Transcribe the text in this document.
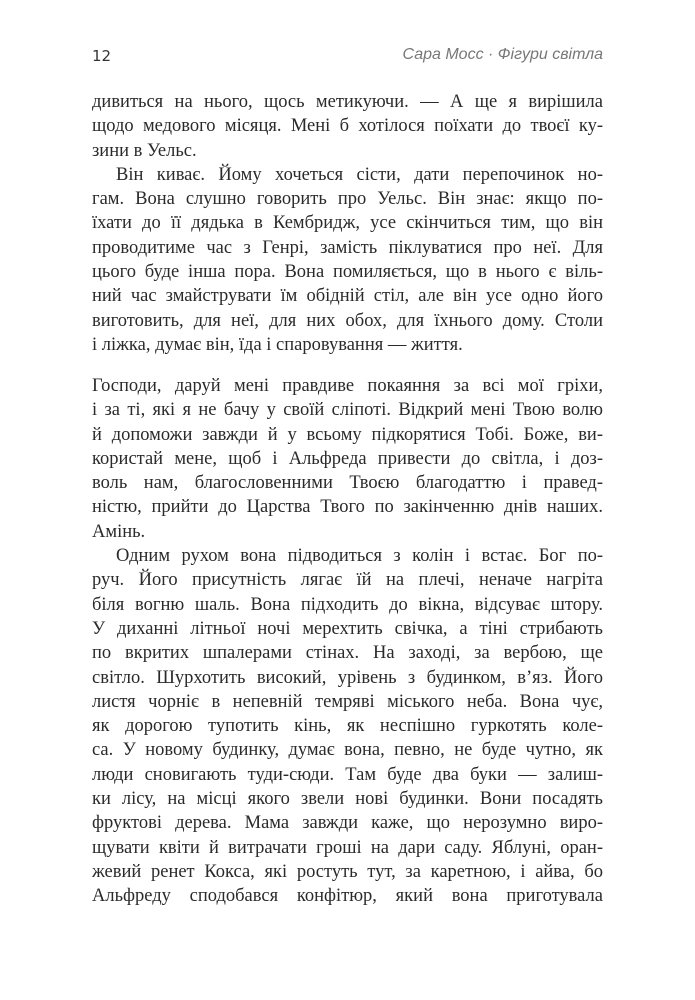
12	Сара Мосс · Фігури світла
дивиться на нього, щось метикуючи. — А ще я вирішила
щодо медового місяця. Мені б хотілося поїхати до твоєї ку-
зини в Уельс.
Він киває. Йому хочеться сісти, дати перепочинок но-
гам. Вона слушно говорить про Уельс. Він знає: якщо по-
їхати до її дядька в Кембридж, усе скінчиться тим, що він
проводитиме час з Генрі, замість піклуватися про неї. Для
цього буде інша пора. Вона помиляється, що в нього є віль-
ний час змайструвати їм обідній стіл, але він усе одно його
виготовить, для неї, для них обох, для їхнього дому. Столи
і ліжка, думає він, їда і спаровування — життя.
Господи, даруй мені правдиве покаяння за всі мої гріхи,
і за ті, які я не бачу у своїй сліпоті. Відкрий мені Твою волю
й допоможи завжди й у всьому підкорятися Тобі. Боже, ви-
користай мене, щоб і Альфреда привести до світла, і доз-
воль нам, благословенними Твоєю благодаттю і правед-
ністю, прийти до Царства Твого по закінченню днів наших.
Амінь.
Одним рухом вона підводиться з колін і встає. Бог по-
руч. Його присутність лягає їй на плечі, неначе нагріта
біля вогню шаль. Вона підходить до вікна, відсуває штору.
У диханні літньої ночі мерехтить свічка, а тіні стрибають
по вкритих шпалерами стінах. На заході, за вербою, ще
світло. Шурхотить високий, урівень з будинком, в’яз. Його
листя чорніє в непевній темряві міського неба. Вона чує,
як дорогою тупотить кінь, як неспішно гуркотять коле-
са. У новому будинку, думає вона, певно, не буде чутно, як
люди сновигають туди-сюди. Там буде два буки — залиш-
ки лісу, на місці якого звели нові будинки. Вони посадять
фруктові дерева. Мама завжди каже, що нерозумно виро-
щувати квіти й витрачати гроші на дари саду. Яблуні, оран-
жевий ренет Кокса, які ростуть тут, за каретною, і айва, бо
Альфреду сподобався конфітюр, який вона приготувала
